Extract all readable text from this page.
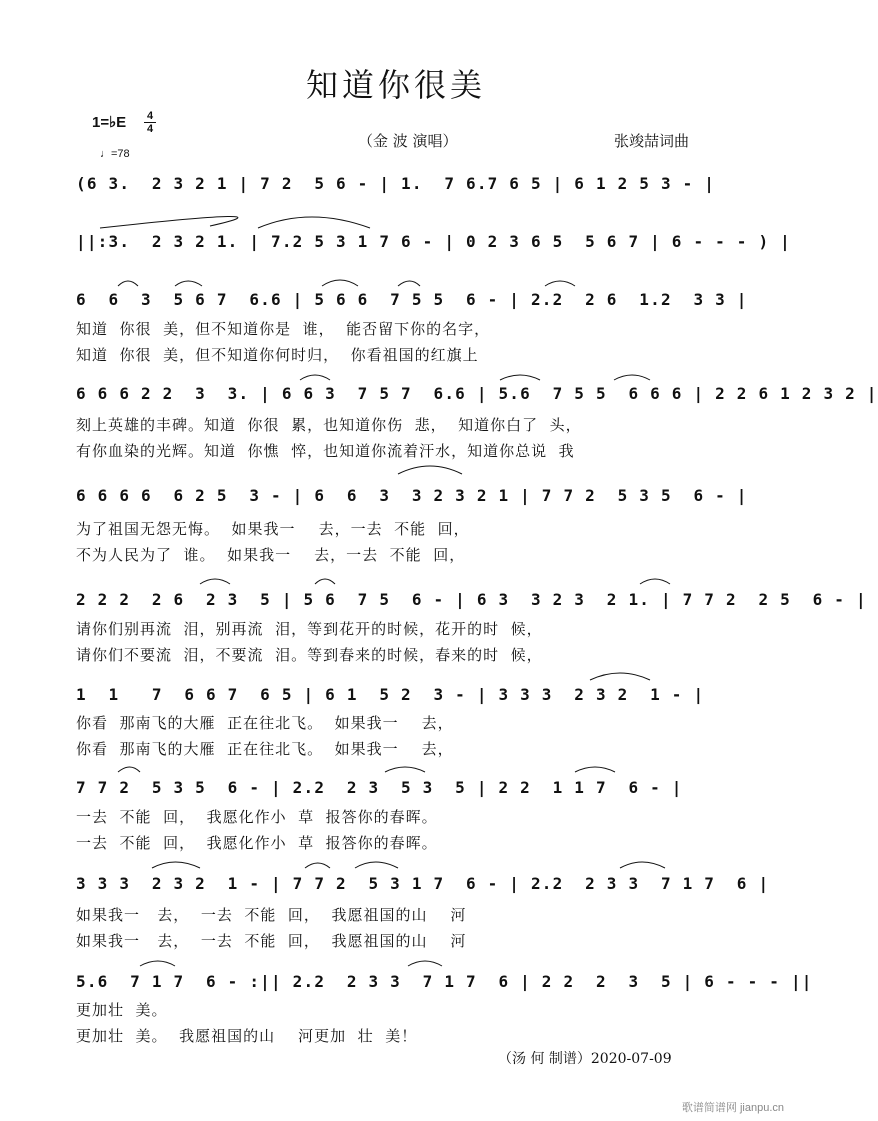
知道你很美
1=♭E	4
4
♩=78
（金 波 演唱）	张竣喆词曲
(6 3.  2 3 2 1 | 7 2  5 6 - | 1.  7 6.7 6 5 | 6 1 2 5 3 - |
||:3.  2 3 2 1. | 7.2 5 3 1 7 6 - | 0 2 3 6 5  5 6 7 | 6 - - - ) |
6  6  3  5 6 7  6.6 | 5 6 6  7 5 5  6 - | 2.2  2 6  1.2  3 3 |
知道  你很  美，但不知道你是  谁，  能否留下你的名字，
知道  你很  美，但不知道你何时归，  你看祖国的红旗上
6 6 6 2 2  3  3. | 6 6 3  7 5 7  6.6 | 5.6  7 5 5  6 6 6 | 2 2 6 1 2 3 2 |
刻上英雄的丰碑。知道  你很  累，也知道你伤  悲，  知道你白了  头，
有你血染的光辉。知道  你憔  悴，也知道你流着汗水，知道你总说  我
6 6 6 6  6 2 5  3 - | 6  6  3  3 2 3 2 1 | 7 7 2  5 3 5  6 - |
为了祖国无怨无悔。  如果我一    去，一去  不能  回，
不为人民为了  谁。  如果我一    去，一去  不能  回，
2 2 2  2 6  2 3  5 | 5 6  7 5  6 - | 6 3  3 2 3  2 1. | 7 7 2  2 5  6 - |
请你们别再流  泪，别再流  泪，等到花开的时候，花开的时  候，
请你们不要流  泪，不要流  泪。等到春来的时候，春来的时  候，
1  1   7  6 6 7  6 5 | 6 1  5 2  3 - | 3 3 3  2 3 2  1 - |
你看  那南飞的大雁  正在往北飞。  如果我一    去，
你看  那南飞的大雁  正在往北飞。  如果我一    去，
7 7 2  5 3 5  6 - | 2.2  2 3  5 3  5 | 2 2  1 1 7  6 - |
一去  不能  回，  我愿化作小  草  报答你的春晖。
一去  不能  回，  我愿化作小  草  报答你的春晖。
3 3 3  2 3 2  1 - | 7 7 2  5 3 1 7  6 - | 2.2  2 3 3  7 1 7  6 |
如果我一   去，  一去  不能  回，  我愿祖国的山    河
如果我一   去，  一去  不能  回，  我愿祖国的山    河
5.6  7 1 7  6 - :|| 2.2  2 3 3  7 1 7  6 | 2 2  2  3  5 | 6 - - - ||
更加壮  美。
更加壮  美。  我愿祖国的山    河更加  壮  美！
（汤 何 制谱）2020-07-09
歌谱简谱网 jianpu.cn
